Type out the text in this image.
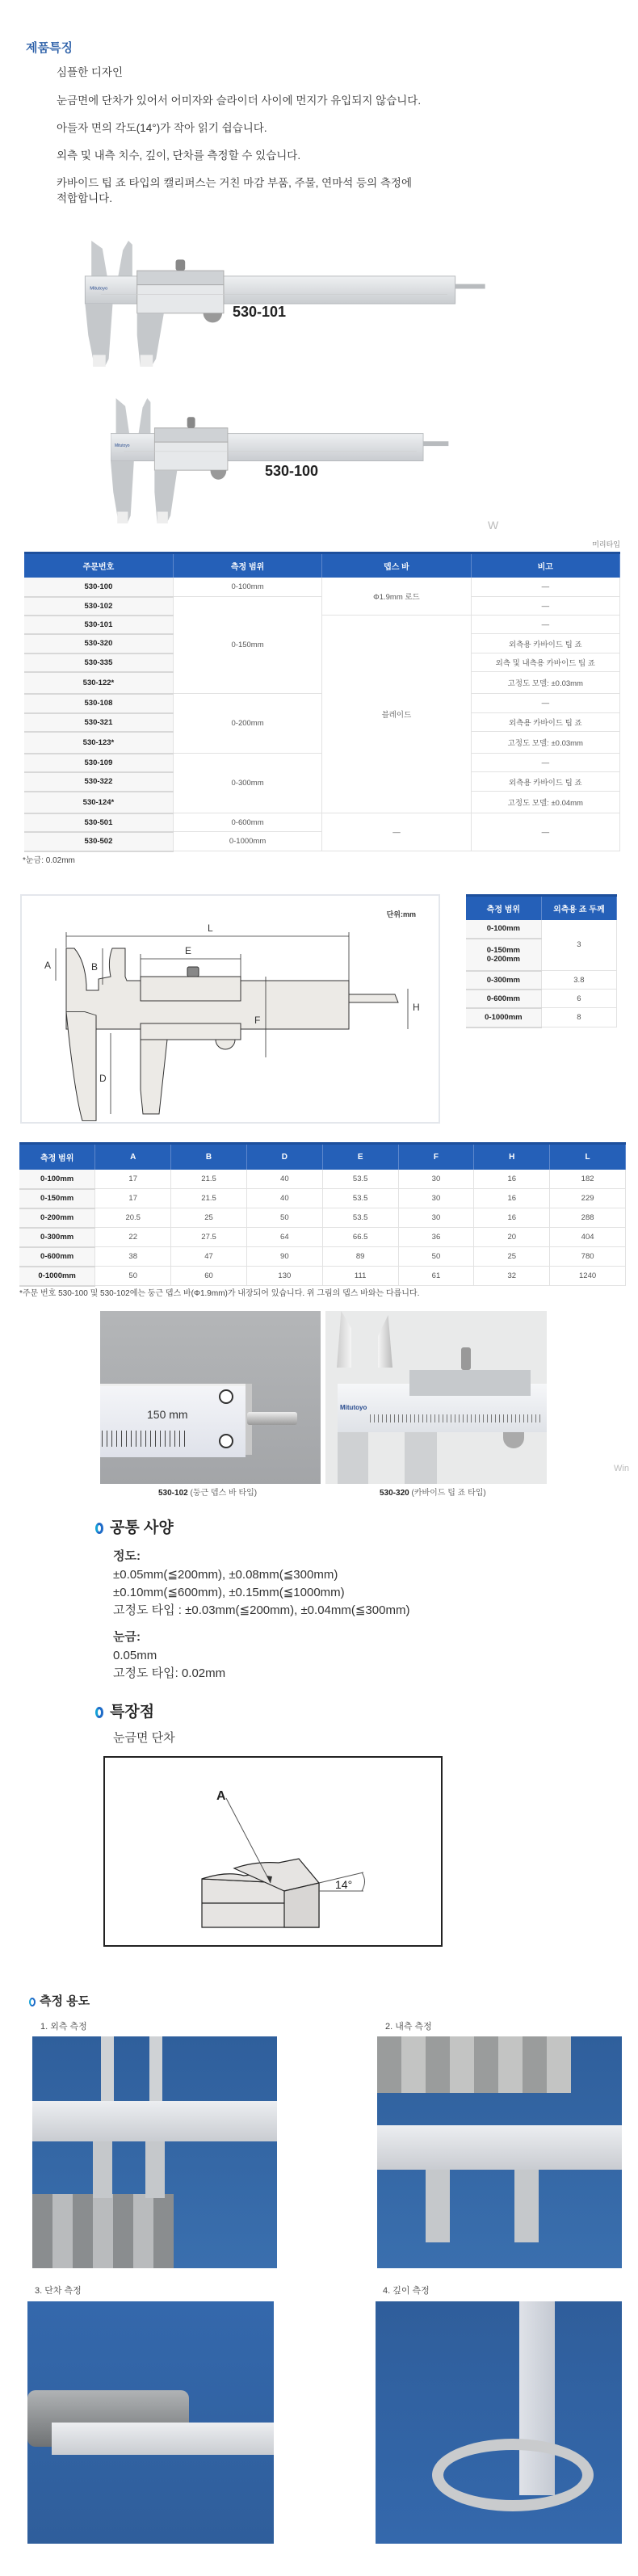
제품특징
심플한 디자인
눈금면에 단차가 있어서 어미자와 슬라이더 사이에 먼지가 유입되지 않습니다.
아들자 면의 각도(14°)가 작아 읽기 쉽습니다.
외측 및 내측 치수, 깊이, 단차를 측정할 수 있습니다.
카바이드 팁 죠 타입의 캘리퍼스는 거친 마감 부품, 주물, 연마석 등의 측정에
적합합니다.
530-101
530-100
W
미리타입
주문번호	측정 범위	뎁스 바	비고
530-100	0-100mm	Φ1.9mm 로드	—
530-102	0-150mm		—
530-101		블레이드	—
530-320			외측용 카바이드 팁 죠
530-335			외측 및 내측용 카바이드 팁 죠
530-122*			고정도 모델: ±0.03mm
530-108	0-200mm		—
530-321			외측용 카바이드 팁 죠
530-123*			고정도 모델: ±0.03mm
530-109	0-300mm		—
530-322			외측용 카바이드 팁 죠
530-124*			고정도 모델: ±0.04mm
530-501	0-600mm	—	—
530-502	0-1000mm		
*눈금: 0.02mm
단위:mm
L
E
A	B
D
F
H
측정 범위	외측용 죠 두께
0-100mm	3
0-150mm
0-200mm	
0-300mm	3.8
0-600mm	6
0-1000mm	8
측정 범위	A	B	D	E	F	H	L
0-100mm	17	21.5	40	53.5	30	16	182
0-150mm	17	21.5	40	53.5	30	16	229
0-200mm	20.5	25	50	53.5	30	16	288
0-300mm	22	27.5	64	66.5	36	20	404
0-600mm	38	47	90	89	50	25	780
0-1000mm	50	60	130	111	61	32	1240
*주문 번호 530-100 및 530-102에는 둥근 뎁스 바(Φ1.9mm)가 내장되어 있습니다. 위 그림의 뎁스 바와는 다릅니다.
150 mm
Mitutoyo
530-102 (둥근 뎁스 바 타입)	530-320 (카바이드 팁 죠 타입)
Win
공통 사양
정도:
±0.05mm(≦200mm), ±0.08mm(≦300mm)
±0.10mm(≦600mm), ±0.15mm(≦1000mm)
고정도 타입 : ±0.03mm(≦200mm), ±0.04mm(≦300mm)
눈금:
0.05mm
고정도 타입: 0.02mm
특장점
눈금면 단차
A
14°
측정 용도
1. 외측 측정	2. 내측 측정
3. 단차 측정	4. 깊이 측정
